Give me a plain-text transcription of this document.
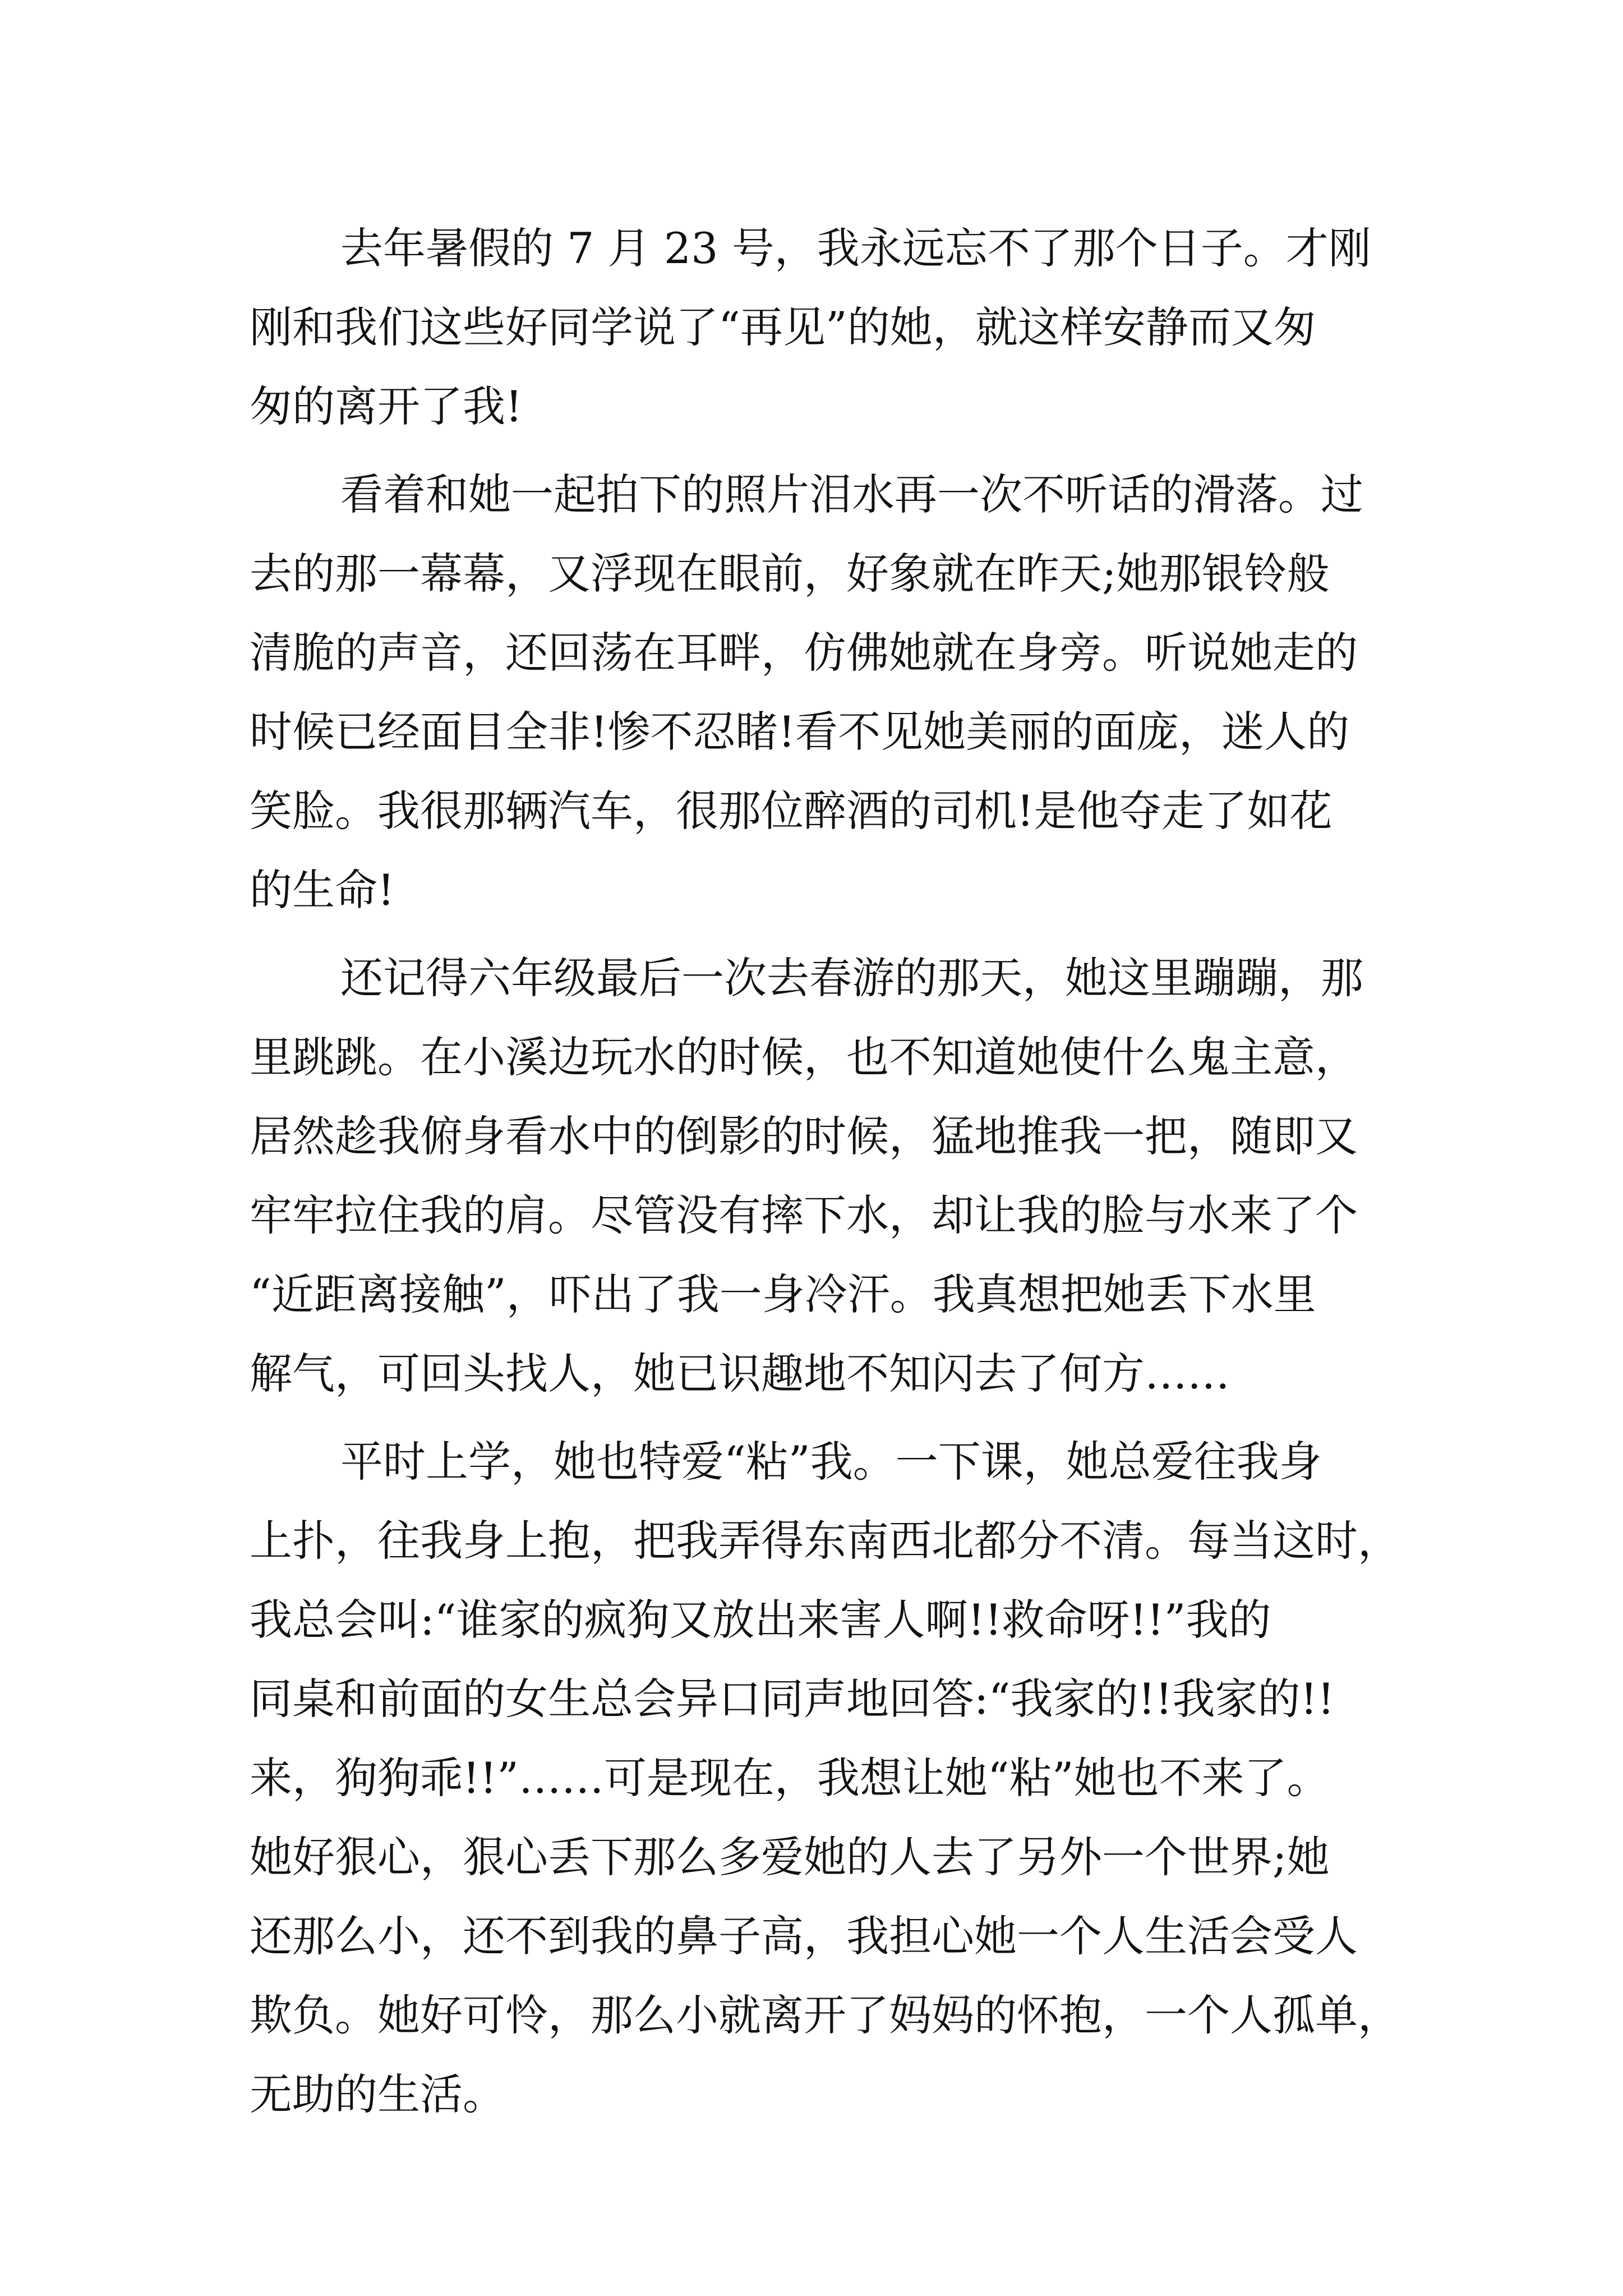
去年暑假的 7 月 23 号，我永远忘不了那个日子。才刚
刚和我们这些好同学说了“再见”的她，就这样安静而又匆
匆的离开了我!
看着和她一起拍下的照片泪水再一次不听话的滑落。过
去的那一幕幕，又浮现在眼前，好象就在昨天;她那银铃般
清脆的声音，还回荡在耳畔，仿佛她就在身旁。听说她走的
时候已经面目全非!惨不忍睹!看不见她美丽的面庞，迷人的
笑脸。我很那辆汽车，很那位醉酒的司机!是他夺走了如花
的生命!
还记得六年级最后一次去春游的那天，她这里蹦蹦，那
里跳跳。在小溪边玩水的时候，也不知道她使什么鬼主意，
居然趁我俯身看水中的倒影的时候，猛地推我一把，随即又
牢牢拉住我的肩。尽管没有摔下水，却让我的脸与水来了个
“近距离接触”，吓出了我一身冷汗。我真想把她丢下水里
解气，可回头找人，她已识趣地不知闪去了何方……
平时上学，她也特爱“粘”我。一下课，她总爱往我身
上扑，往我身上抱，把我弄得东南西北都分不清。每当这时，
我总会叫:“谁家的疯狗又放出来害人啊!!救命呀!!”我的
同桌和前面的女生总会异口同声地回答:“我家的!!我家的!!
来，狗狗乖!!”……可是现在，我想让她“粘”她也不来了。
她好狠心，狠心丢下那么多爱她的人去了另外一个世界;她
还那么小，还不到我的鼻子高，我担心她一个人生活会受人
欺负。她好可怜，那么小就离开了妈妈的怀抱，一个人孤单，
无助的生活。
